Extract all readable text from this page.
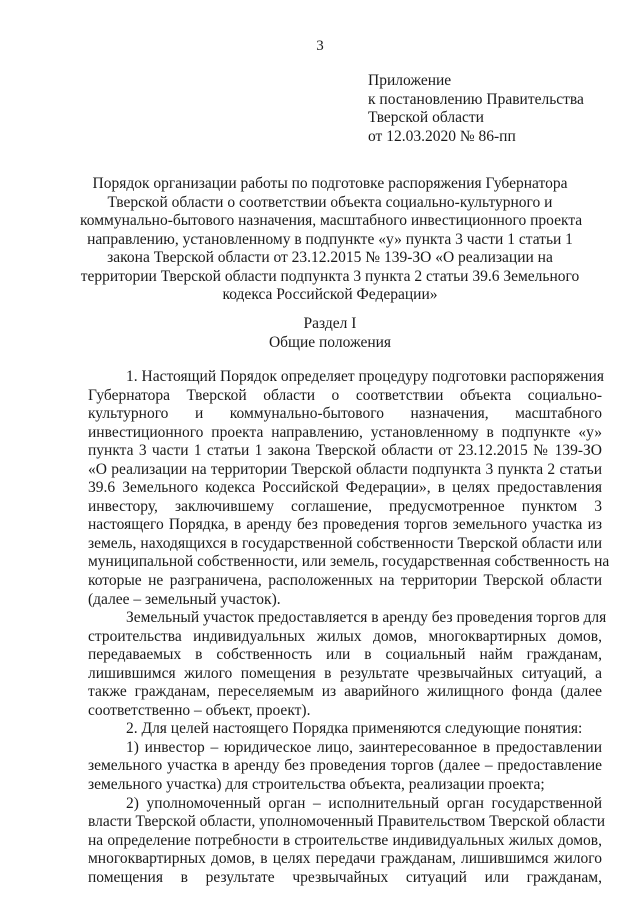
3
Приложение
к постановлению Правительства
Тверской области
от 12.03.2020 № 86-пп
Порядок организации работы по подготовке распоряжения Губернатора
Тверской области о соответствии объекта социально-культурного и
коммунально-бытового назначения, масштабного инвестиционного проекта
направлению, установленному в подпункте «у» пункта 3 части 1 статьи 1
закона Тверской области от 23.12.2015 № 139-ЗО «О реализации на
территории Тверской области подпункта 3 пункта 2 статьи 39.6 Земельного
кодекса Российской Федерации»
Раздел I
Общие положения
1. Настоящий Порядок определяет процедуру подготовки распоряжения
Губернатора Тверской области о соответствии объекта социально-
культурного и коммунально-бытового назначения, масштабного
инвестиционного проекта направлению, установленному в подпункте «у»
пункта 3 части 1 статьи 1 закона Тверской области от 23.12.2015 № 139-ЗО
«О реализации на территории Тверской области подпункта 3 пункта 2 статьи
39.6 Земельного кодекса Российской Федерации», в целях предоставления
инвестору, заключившему соглашение, предусмотренное пунктом 3
настоящего Порядка, в аренду без проведения торгов земельного участка из
земель, находящихся в государственной собственности Тверской области или
муниципальной собственности, или земель, государственная собственность на
которые не разграничена, расположенных на территории Тверской области
(далее – земельный участок).
Земельный участок предоставляется в аренду без проведения торгов для
строительства индивидуальных жилых домов, многоквартирных домов,
передаваемых в собственность или в социальный найм гражданам,
лишившимся жилого помещения в результате чрезвычайных ситуаций, а
также гражданам, переселяемым из аварийного жилищного фонда (далее
соответственно – объект, проект).
2. Для целей настоящего Порядка применяются следующие понятия:
1) инвестор – юридическое лицо, заинтересованное в предоставлении
земельного участка в аренду без проведения торгов (далее – предоставление
земельного участка) для строительства объекта, реализации проекта;
2) уполномоченный орган – исполнительный орган государственной
власти Тверской области, уполномоченный Правительством Тверской области
на определение потребности в строительстве индивидуальных жилых домов,
многоквартирных домов, в целях передачи гражданам, лишившимся жилого
помещения в результате чрезвычайных ситуаций или гражданам,
